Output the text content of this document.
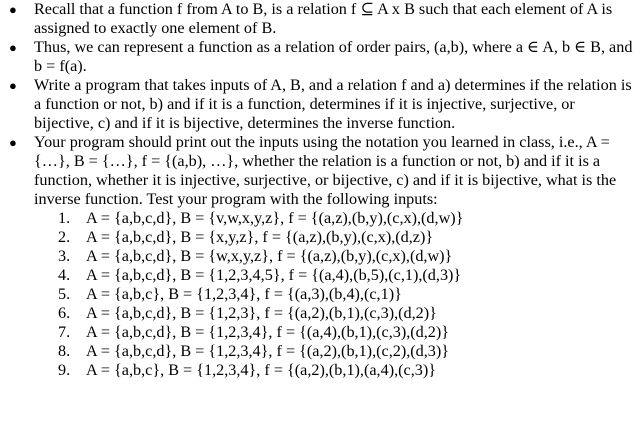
● Recall that a function f from A to B, is a relation f ⊆ A x B such that each element of A is assigned to exactly one element of B.
● Thus, we can represent a function as a relation of order pairs, (a,b), where a ∈ A, b ∈ B, and b = f(a).
● Write a program that takes inputs of A, B, and a relation f and a) determines if the relation is a function or not, b) and if it is a function, determines if it is injective, surjective, or bijective, c) and if it is bijective, determines the inverse function.
● Your program should print out the inputs using the notation you learned in class, i.e., A = {…}, B = {…}, f = {(a,b), …}, whether the relation is a function or not, b) and if it is a function, whether it is injective, surjective, or bijective, c) and if it is bijective, what is the inverse function. Test your program with the following inputs:
1. A = {a,b,c,d}, B = {v,w,x,y,z}, f = {(a,z),(b,y),(c,x),(d,w)}
2. A = {a,b,c,d}, B = {x,y,z}, f = {(a,z),(b,y),(c,x),(d,z)}
3. A = {a,b,c,d}, B = {w,x,y,z}, f = {(a,z),(b,y),(c,x),(d,w)}
4. A = {a,b,c,d}, B = {1,2,3,4,5}, f = {(a,4),(b,5),(c,1),(d,3)}
5. A = {a,b,c}, B = {1,2,3,4}, f = {(a,3),(b,4),(c,1)}
6. A = {a,b,c,d}, B = {1,2,3}, f = {(a,2),(b,1),(c,3),(d,2)}
7. A = {a,b,c,d}, B = {1,2,3,4}, f = {(a,4),(b,1),(c,3),(d,2)}
8. A = {a,b,c,d}, B = {1,2,3,4}, f = {(a,2),(b,1),(c,2),(d,3)}
9. A = {a,b,c}, B = {1,2,3,4}, f = {(a,2),(b,1),(a,4),(c,3)}
